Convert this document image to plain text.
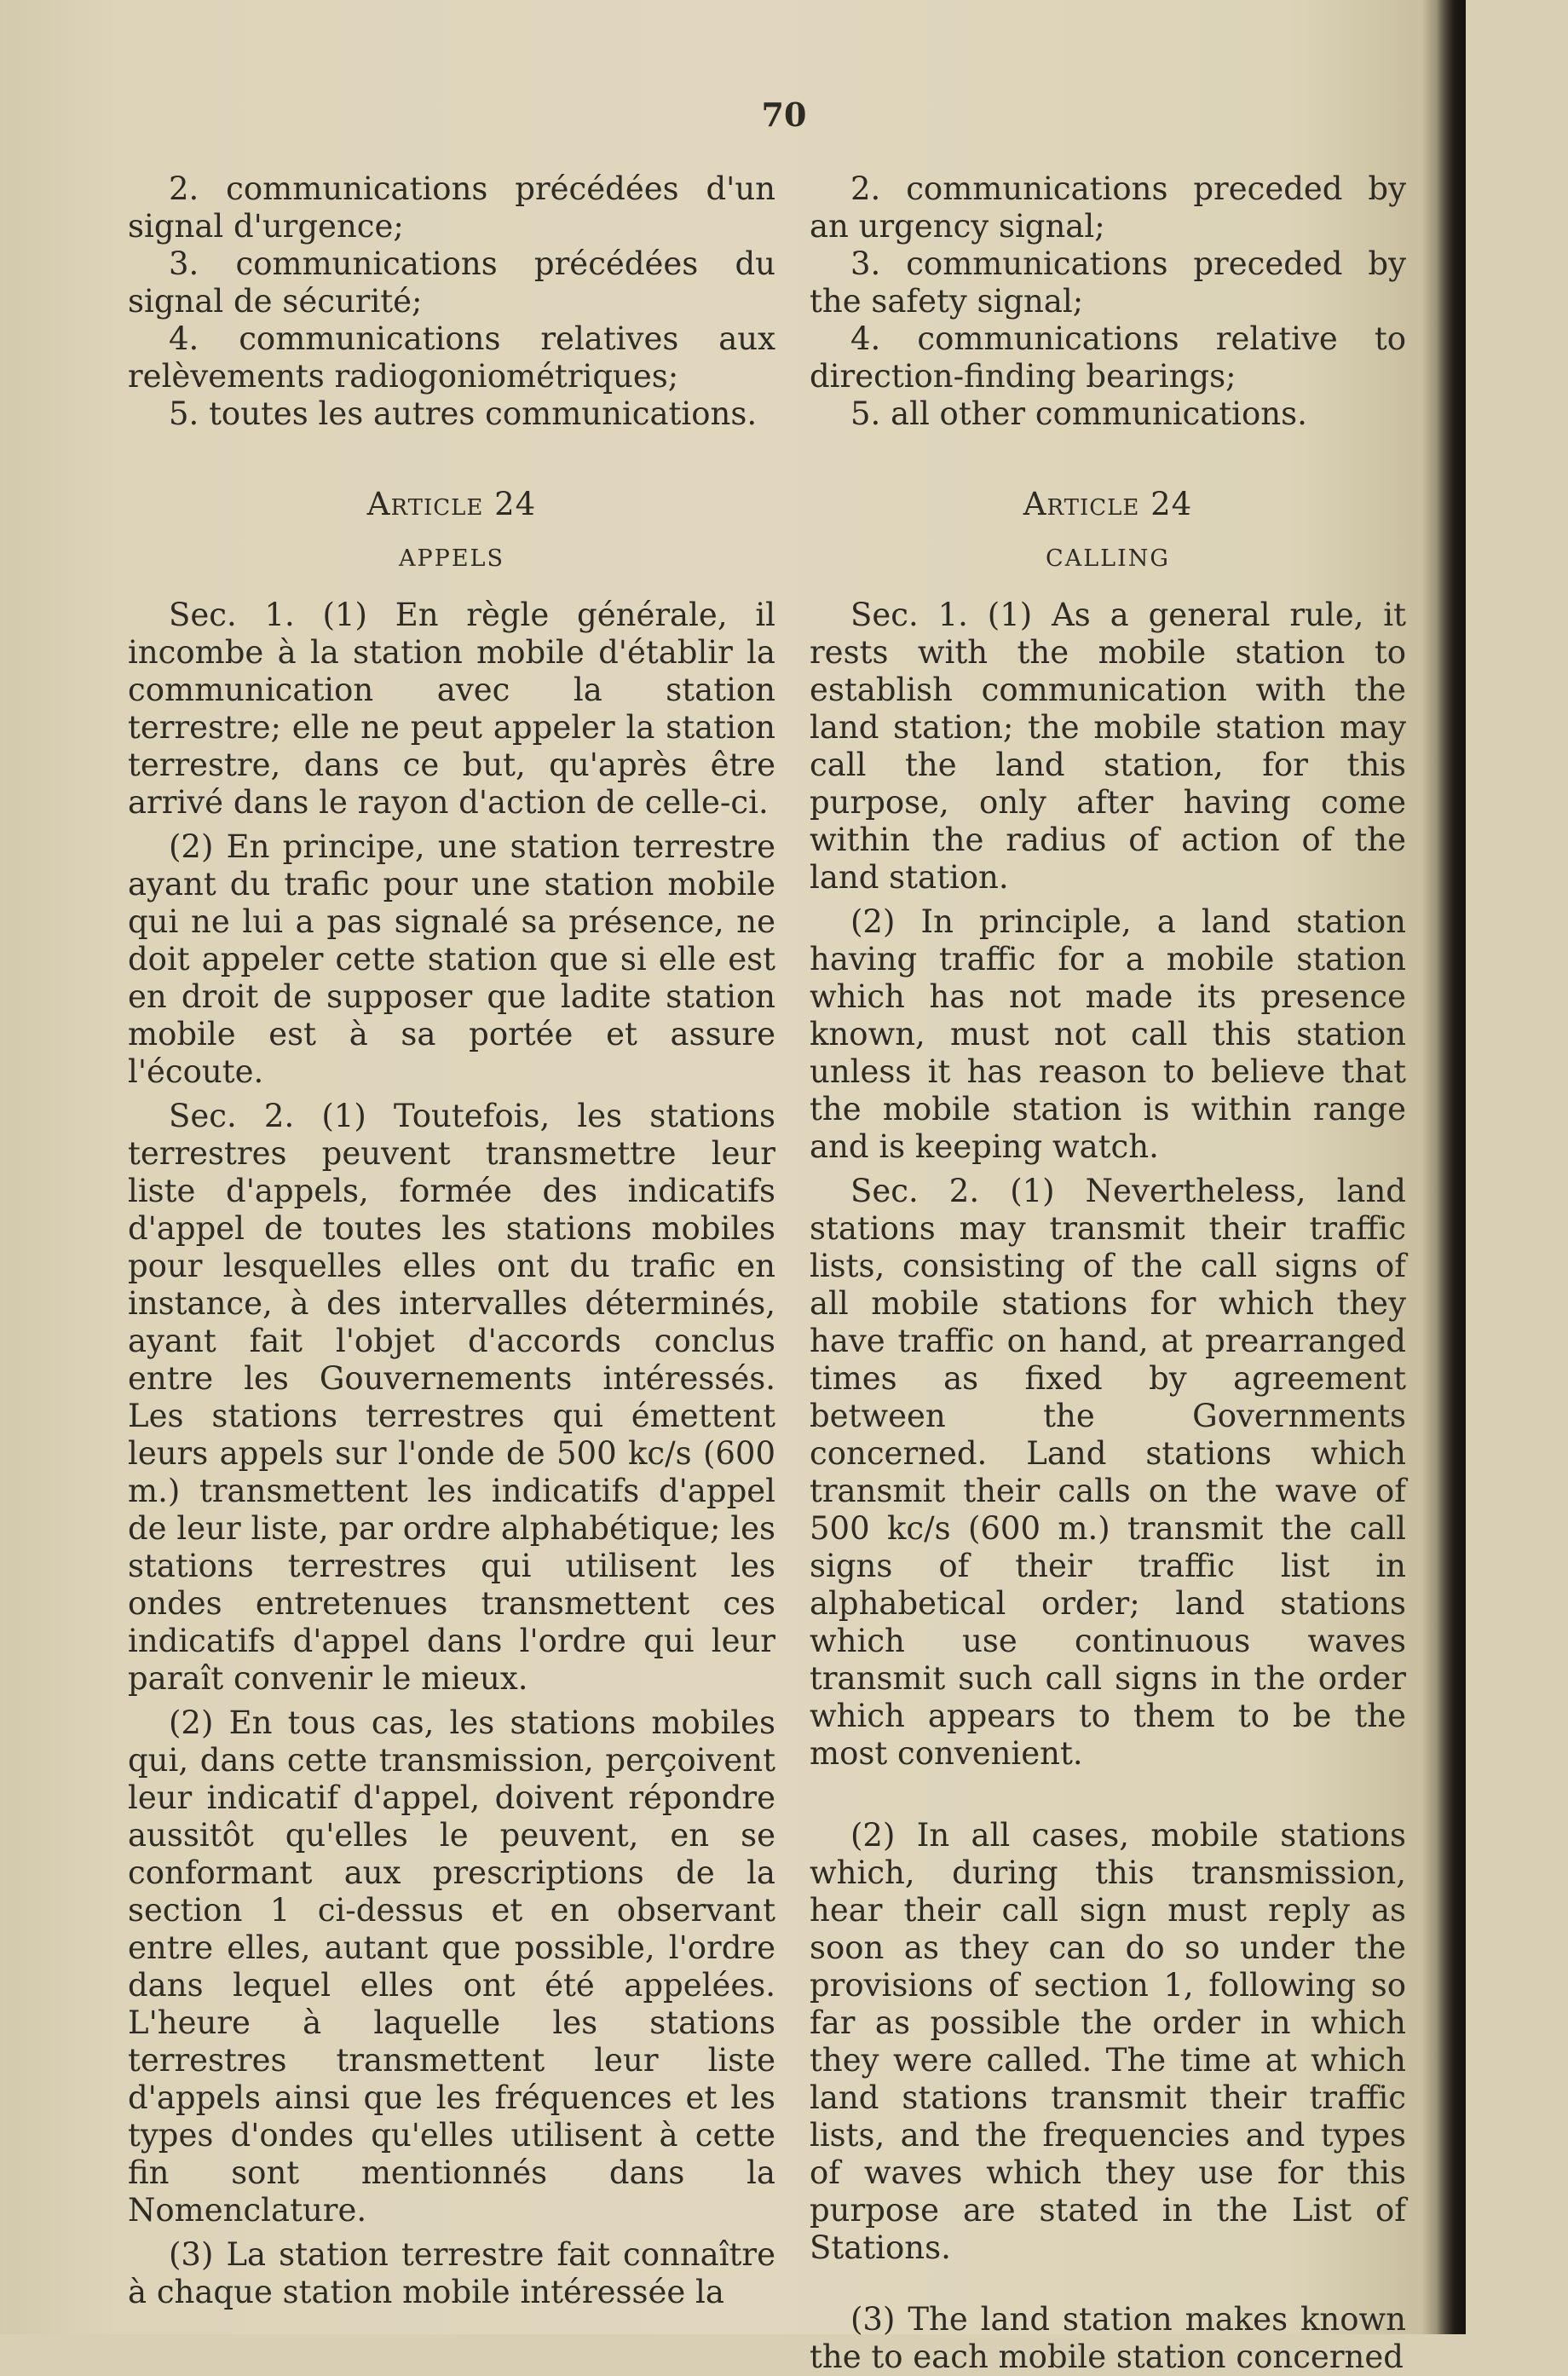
70

2. communications précédées d'un signal d'urgence;

3. communications précédées du signal de sécurité;

4. communications relatives aux relèvements radiogoniométriques;

5. toutes les autres communications.

Article 24

APPELS

Sec. 1. (1) En règle générale, il incombe à la station mobile d'établir la communication avec la station terrestre; elle ne peut appeler la station terrestre, dans ce but, qu'après être arrivé dans le rayon d'action de celle-ci.

(2) En principe, une station terrestre ayant du trafic pour une station mobile qui ne lui a pas signalé sa présence, ne doit appeler cette station que si elle est en droit de supposer que ladite station mobile est à sa portée et assure l'écoute.

Sec. 2. (1) Toutefois, les stations terrestres peuvent transmettre leur liste d'appels, formée des indicatifs d'appel de toutes les stations mobiles pour lesquelles elles ont du trafic en instance, à des intervalles déterminés, ayant fait l'objet d'accords conclus entre les Gouvernements intéressés. Les stations terrestres qui émettent leurs appels sur l'onde de 500 kc/s (600 m.) transmettent les indicatifs d'appel de leur liste, par ordre alphabétique; les stations terrestres qui utilisent les ondes entretenues transmettent ces indicatifs d'appel dans l'ordre qui leur paraît convenir le mieux.

(2) En tous cas, les stations mobiles qui, dans cette transmission, perçoivent leur indicatif d'appel, doivent répondre aussitôt qu'elles le peuvent, en se conformant aux prescriptions de la section 1 ci-dessus et en observant entre elles, autant que possible, l'ordre dans lequel elles ont été appelées. L'heure à laquelle les stations terrestres transmettent leur liste d'appels ainsi que les fréquences et les types d'ondes qu'elles utilisent à cette fin sont mentionnés dans la Nomenclature.

(3) La station terrestre fait connaître à chaque station mobile intéressée la

2. communications preceded by an urgency signal;

3. communications preceded by the safety signal;

4. communications relative to direction-finding bearings;

5. all other communications.

Article 24

CALLING

Sec. 1. (1) As a general rule, it rests with the mobile station to establish communication with the land station; the mobile station may call the land station, for this purpose, only after having come within the radius of action of the land station.

(2) In principle, a land station having traffic for a mobile station which has not made its presence known, must not call this station unless it has reason to believe that the mobile station is within range and is keeping watch.

Sec. 2. (1) Nevertheless, land stations may transmit their traffic lists, consisting of the call signs of all mobile stations for which they have traffic on hand, at prearranged times as fixed by agreement between the Governments concerned. Land stations which transmit their calls on the wave of 500 kc/s (600 m.) transmit the call signs of their traffic list in alphabetical order; land stations which use continuous waves transmit such call signs in the order which appears to them to be the most convenient.

(2) In all cases, mobile stations which, during this transmission, hear their call sign must reply as soon as they can do so under the provisions of section 1, following so far as possible the order in which they were called. The time at which land stations transmit their traffic lists, and the frequencies and types of waves which they use for this purpose are stated in the List of Stations.

(3) The land station makes known the to each mobile station concerned
